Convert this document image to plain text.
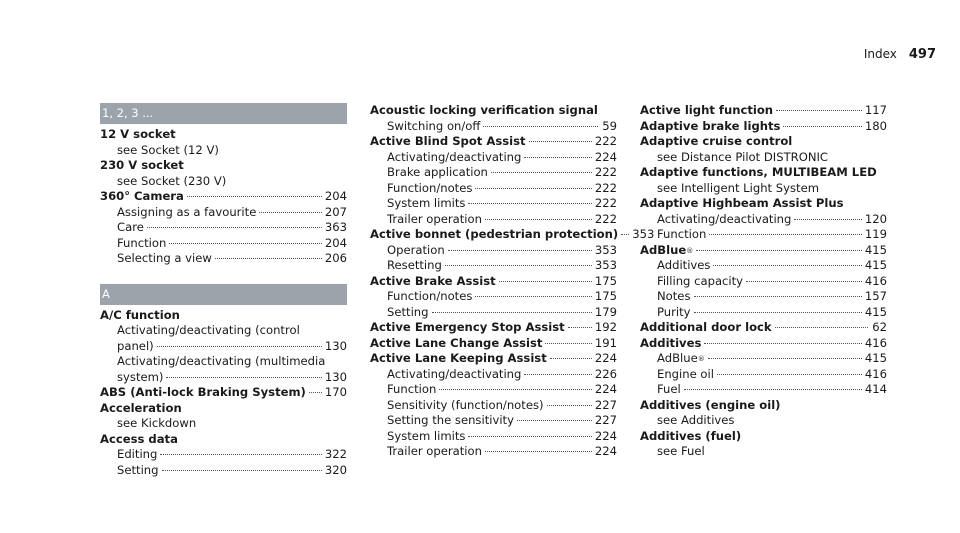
Index 497
1, 2, 3 ...
12 V socket
see Socket (12 V)
230 V socket
see Socket (230 V)
360° Camera	204
Assigning as a favourite	207
Care	363
Function	204
Selecting a view	206
A
A/C function
Activating/deactivating (control
panel)	130
Activating/deactivating (multimedia
system)	130
ABS (Anti-lock Braking System) 170
Acceleration
see Kickdown
Access data
Editing	322
Setting	320
Acoustic locking verification signal
Switching on/off	59
Active Blind Spot Assist	222
Activating/deactivating	224
Brake application	222
Function/notes	222
System limits	222
Trailer operation	222
Active bonnet (pedestrian protection) 353
Operation	353
Resetting	353
Active Brake Assist	175
Function/notes	175
Setting	179
Active Emergency Stop Assist	192
Active Lane Change Assist	191
Active Lane Keeping Assist	224
Activating/deactivating	226
Function	224
Sensitivity (function/notes)	227
Setting the sensitivity	227
System limits	224
Trailer operation	224
Active light function	117
Adaptive brake lights	180
Adaptive cruise control
see Distance Pilot DISTRONIC
Adaptive functions, MULTIBEAM LED
see Intelligent Light System
Adaptive Highbeam Assist Plus
Activating/deactivating	120
Function	119
AdBlue®	415
Additives	415
Filling capacity	416
Notes	157
Purity	415
Additional door lock	62
Additives	416
AdBlue®	415
Engine oil	416
Fuel	414
Additives (engine oil)
see Additives
Additives (fuel)
see Fuel
